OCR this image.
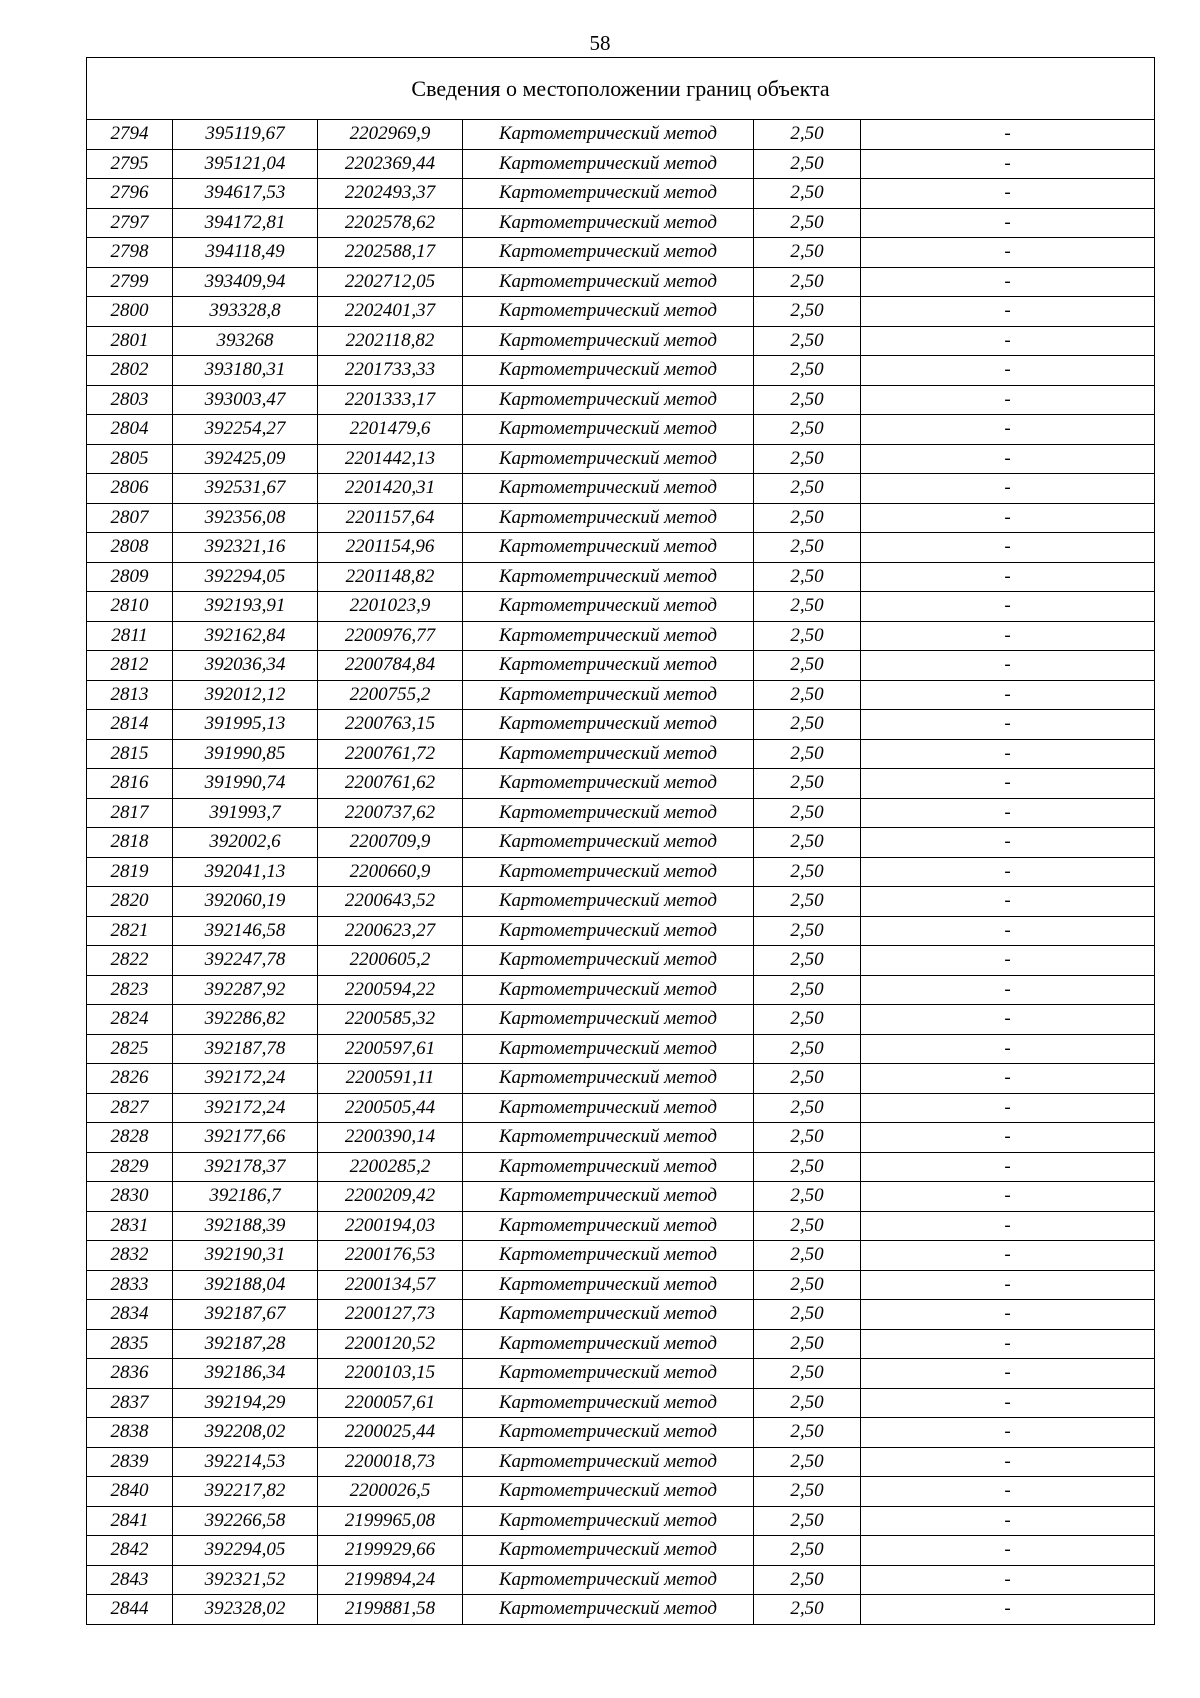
58
Сведения о местоположении границ объекта					
2794	395119,67	2202969,9	Картометрический метод	2,50	-
2795	395121,04	2202369,44	Картометрический метод	2,50	-
2796	394617,53	2202493,37	Картометрический метод	2,50	-
2797	394172,81	2202578,62	Картометрический метод	2,50	-
2798	394118,49	2202588,17	Картометрический метод	2,50	-
2799	393409,94	2202712,05	Картометрический метод	2,50	-
2800	393328,8	2202401,37	Картометрический метод	2,50	-
2801	393268	2202118,82	Картометрический метод	2,50	-
2802	393180,31	2201733,33	Картометрический метод	2,50	-
2803	393003,47	2201333,17	Картометрический метод	2,50	-
2804	392254,27	2201479,6	Картометрический метод	2,50	-
2805	392425,09	2201442,13	Картометрический метод	2,50	-
2806	392531,67	2201420,31	Картометрический метод	2,50	-
2807	392356,08	2201157,64	Картометрический метод	2,50	-
2808	392321,16	2201154,96	Картометрический метод	2,50	-
2809	392294,05	2201148,82	Картометрический метод	2,50	-
2810	392193,91	2201023,9	Картометрический метод	2,50	-
2811	392162,84	2200976,77	Картометрический метод	2,50	-
2812	392036,34	2200784,84	Картометрический метод	2,50	-
2813	392012,12	2200755,2	Картометрический метод	2,50	-
2814	391995,13	2200763,15	Картометрический метод	2,50	-
2815	391990,85	2200761,72	Картометрический метод	2,50	-
2816	391990,74	2200761,62	Картометрический метод	2,50	-
2817	391993,7	2200737,62	Картометрический метод	2,50	-
2818	392002,6	2200709,9	Картометрический метод	2,50	-
2819	392041,13	2200660,9	Картометрический метод	2,50	-
2820	392060,19	2200643,52	Картометрический метод	2,50	-
2821	392146,58	2200623,27	Картометрический метод	2,50	-
2822	392247,78	2200605,2	Картометрический метод	2,50	-
2823	392287,92	2200594,22	Картометрический метод	2,50	-
2824	392286,82	2200585,32	Картометрический метод	2,50	-
2825	392187,78	2200597,61	Картометрический метод	2,50	-
2826	392172,24	2200591,11	Картометрический метод	2,50	-
2827	392172,24	2200505,44	Картометрический метод	2,50	-
2828	392177,66	2200390,14	Картометрический метод	2,50	-
2829	392178,37	2200285,2	Картометрический метод	2,50	-
2830	392186,7	2200209,42	Картометрический метод	2,50	-
2831	392188,39	2200194,03	Картометрический метод	2,50	-
2832	392190,31	2200176,53	Картометрический метод	2,50	-
2833	392188,04	2200134,57	Картометрический метод	2,50	-
2834	392187,67	2200127,73	Картометрический метод	2,50	-
2835	392187,28	2200120,52	Картометрический метод	2,50	-
2836	392186,34	2200103,15	Картометрический метод	2,50	-
2837	392194,29	2200057,61	Картометрический метод	2,50	-
2838	392208,02	2200025,44	Картометрический метод	2,50	-
2839	392214,53	2200018,73	Картометрический метод	2,50	-
2840	392217,82	2200026,5	Картометрический метод	2,50	-
2841	392266,58	2199965,08	Картометрический метод	2,50	-
2842	392294,05	2199929,66	Картометрический метод	2,50	-
2843	392321,52	2199894,24	Картометрический метод	2,50	-
2844	392328,02	2199881,58	Картометрический метод	2,50	-
